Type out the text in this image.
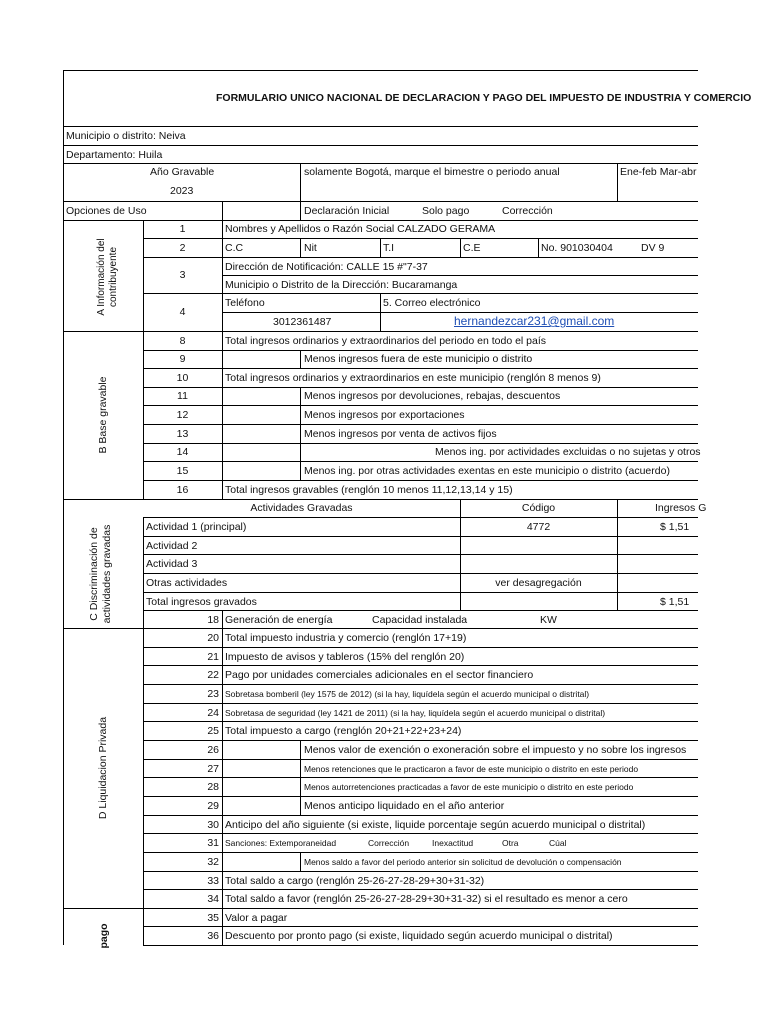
FORMULARIO UNICO NACIONAL DE DECLARACION Y PAGO DEL IMPUESTO DE INDUSTRIA Y COMERCIO
Municipio o distrito: Neiva
Departamento: Huila
Año Gravable
2023
solamente Bogotá, marque el bimestre o periodo anual	Ene-feb Mar-abr
Opciones de Uso	Declaración Inicial	Solo pago	Corrección
A Información del contribuyente
1	Nombres y Apellidos o Razón Social CALZADO GERAMA
2	C.C	Nit	T.I	C.E	No. 901030404	DV 9
3
Dirección de Notificación: CALLE 15 #"7-37
Municipio o Distrito de la Dirección: Bucaramanga
4
Teléfono	5. Correo electrónico
3012361487	hernandezcar231@gmail.com
B Base gravable
8	Total ingresos ordinarios y extraordinarios del periodo en todo el país
9	Menos ingresos fuera de este municipio o distrito
10	Total ingresos ordinarios y extraordinarios en este municipio (renglón 8 menos 9)
11	Menos ingresos por devoluciones, rebajas, descuentos
12	Menos ingresos por exportaciones
13	Menos ingresos por venta de activos fijos
14	Menos ing. por actividades excluidas o no sujetas y otros
15	Menos ing. por otras actividades exentas en este municipio o distrito (acuerdo)
16	Total ingresos gravables (renglón 10 menos 11,12,13,14 y 15)
C Discriminación de
actividades gravadas
Actividades Gravadas	Código	Ingresos G
Actividad 1 (principal)	4772	$ 1,51
Actividad 2
Actividad 3
Otras actividades	ver desagregación
Total ingresos gravados	$ 1,51
18 Generación de energía	Capacidad instalada	KW
D Liquidacion Privada
20 Total impuesto industria y comercio (renglón 17+19)
21 Impuesto de avisos y tableros (15% del renglón 20)
22 Pago por unidades comerciales adicionales en el sector financiero
23 Sobretasa bomberil (ley 1575 de 2012) (si la hay, liquídela según el acuerdo municipal o distrital)
24 Sobretasa de seguridad (ley 1421 de 2011) (si la hay, liquídela según el acuerdo municipal o distrital)
25 Total impuesto a cargo (renglón 20+21+22+23+24)
26	Menos valor de exención o exoneración sobre el impuesto y no sobre los ingresos
27	Menos retenciones que le practicaron a favor de este municipio o distrito en este periodo
28	Menos autorretenciones practicadas a favor de este municipio o distrito en este periodo
29	Menos anticipo liquidado en el año anterior
30 Anticipo del año siguiente (si existe, liquide porcentaje según acuerdo municipal o distrital)
31 Sanciones: Extemporaneidad	Corrección	Inexactitud	Otra	Cúal
32	Menos saldo a favor del periodo anterior sin solicitud de devolución o compensación
33 Total saldo a cargo (renglón 25-26-27-28-29+30+31-32)
34 Total saldo a favor (renglón 25-26-27-28-29+30+31-32) si el resultado es menor a cero
pago
35 Valor a pagar
36 Descuento por pronto pago (si existe, liquidado según acuerdo municipal o distrital)
